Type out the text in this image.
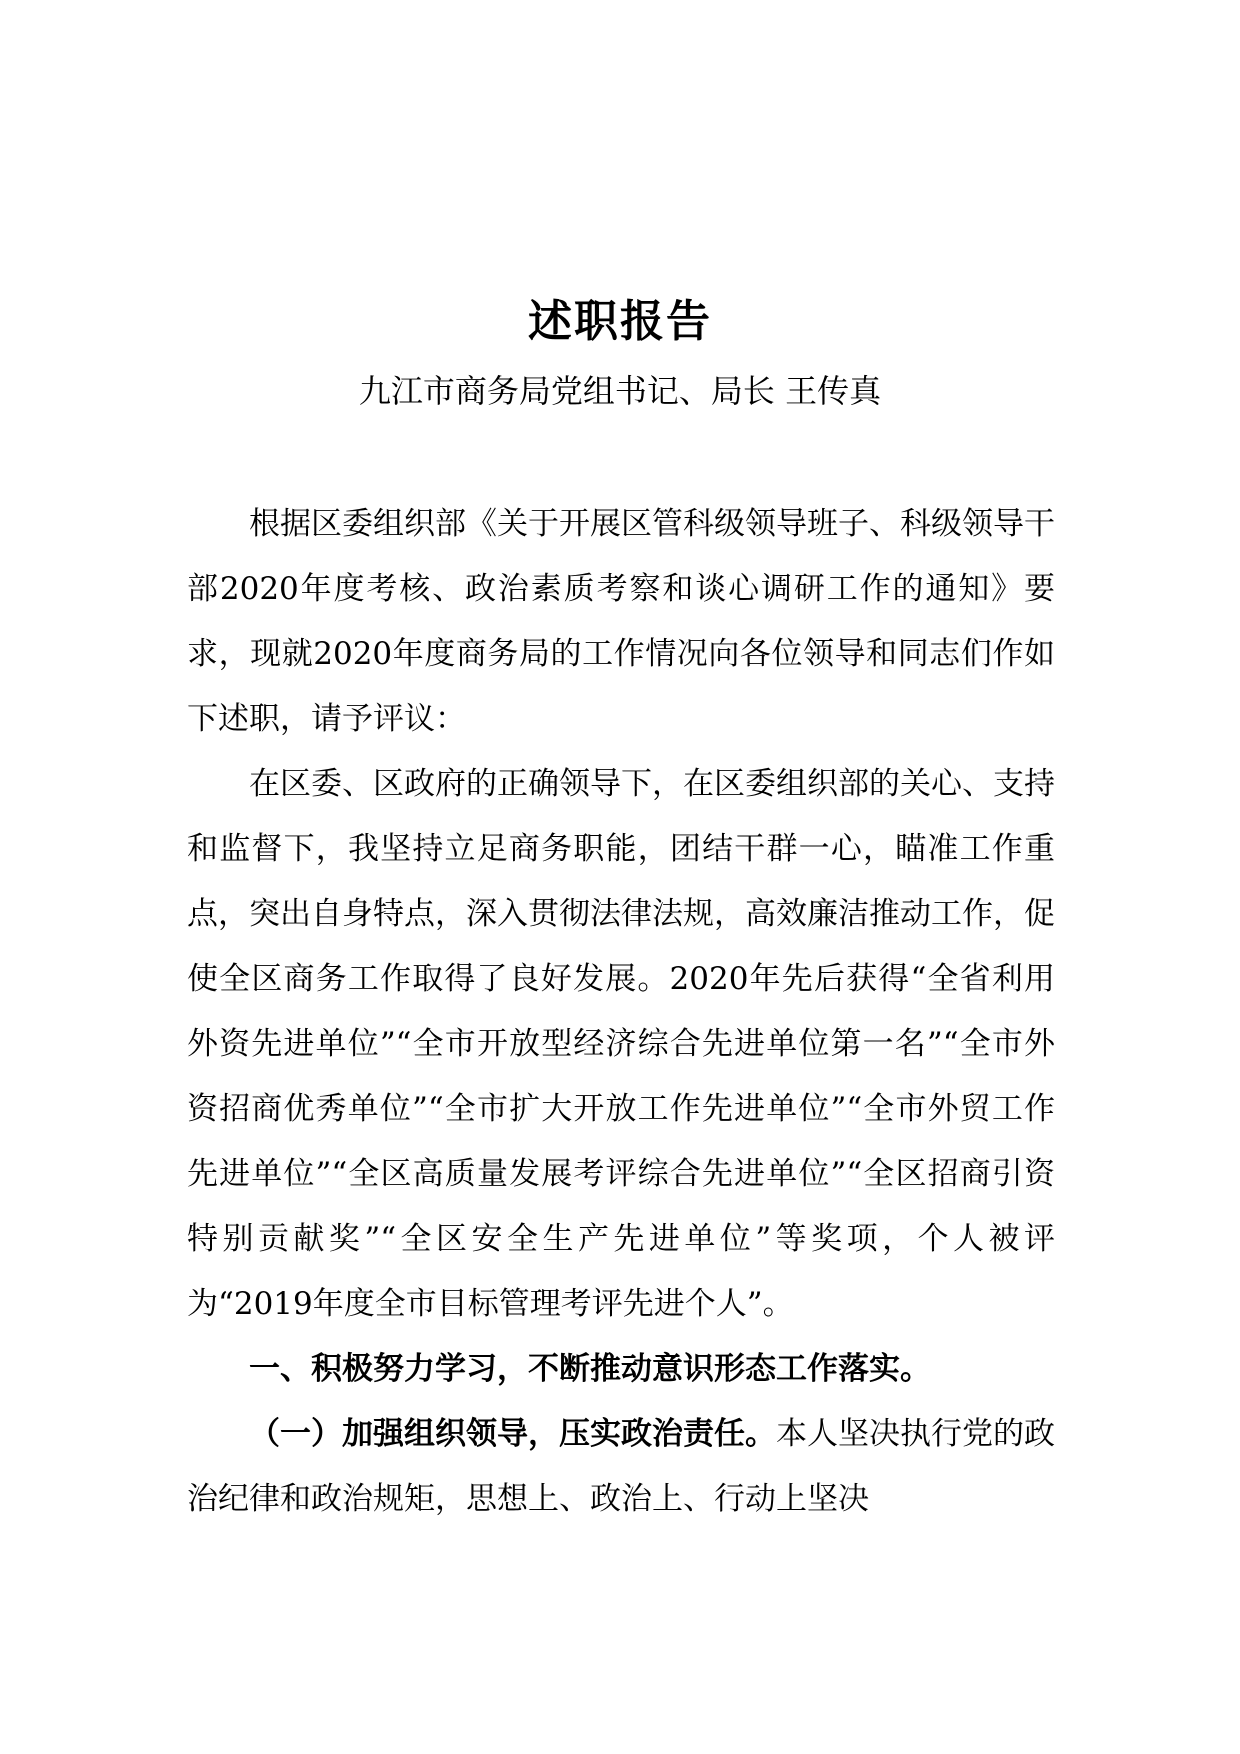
述职报告
九江市商务局党组书记、局长 王传真

根据区委组织部《关于开展区管科级领导班子、科级领导干部2020年度考核、政治素质考察和谈心调研工作的通知》要求，现就2020年度商务局的工作情况向各位领导和同志们作如下述职，请予评议：

在区委、区政府的正确领导下，在区委组织部的关心、支持和监督下，我坚持立足商务职能，团结干群一心，瞄准工作重点，突出自身特点，深入贯彻法律法规，高效廉洁推动工作，促使全区商务工作取得了良好发展。2020年先后获得“全省利用外资先进单位”“全市开放型经济综合先进单位第一名”“全市外资招商优秀单位”“全市扩大开放工作先进单位”“全市外贸工作先进单位”“全区高质量发展考评综合先进单位”“全区招商引资特别贡献奖”“全区安全生产先进单位”等奖项，个人被评为“2019年度全市目标管理考评先进个人”。

一、积极努力学习，不断推动意识形态工作落实。

（一）加强组织领导，压实政治责任。本人坚决执行党的政治纪律和政治规矩，思想上、政治上、行动上坚决
